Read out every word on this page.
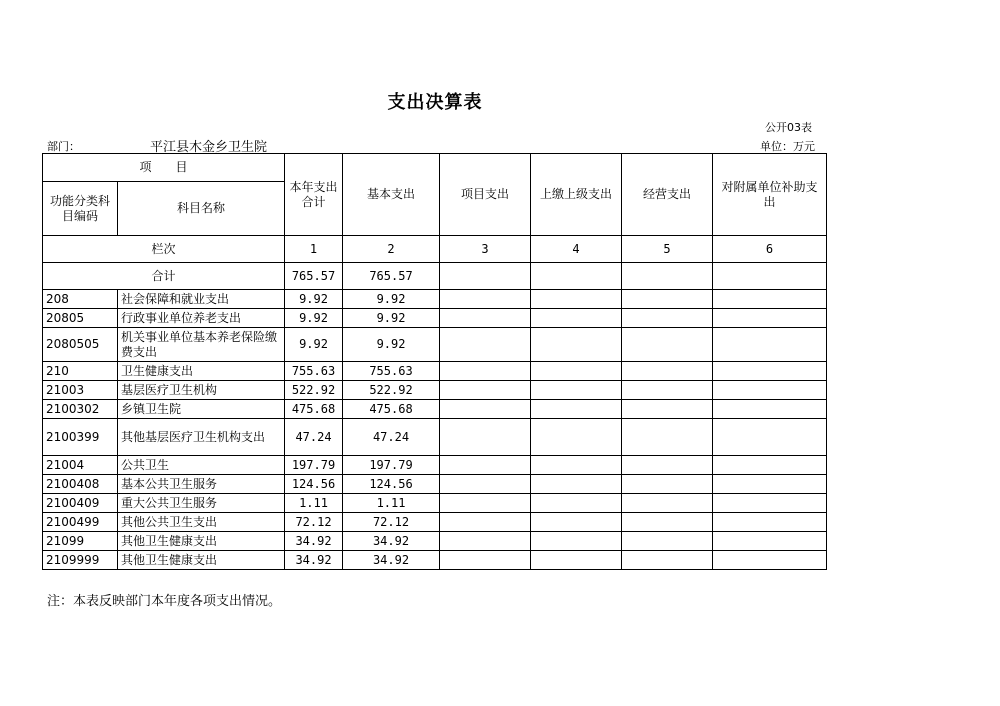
支出决算表
公开03表
部门：	平江县木金乡卫生院	单位：万元
项　　目		本年支出合计	基本支出	项目支出	上缴上级支出	经营支出	对附属单位补助支出
功能分类科目编码	科目名称						
栏次		1	2	3	4	5	6
合计		765.57	765.57				
208	社会保障和就业支出	9.92	9.92				
20805	行政事业单位养老支出	9.92	9.92				
2080505	机关事业单位基本养老保险缴费支出	9.92	9.92				
210	卫生健康支出	755.63	755.63				
21003	基层医疗卫生机构	522.92	522.92				
2100302	乡镇卫生院	475.68	475.68				
2100399	其他基层医疗卫生机构支出	47.24	47.24				
21004	公共卫生	197.79	197.79				
2100408	基本公共卫生服务	124.56	124.56				
2100409	重大公共卫生服务	1.11	1.11				
2100499	其他公共卫生支出	72.12	72.12				
21099	其他卫生健康支出	34.92	34.92				
2109999	其他卫生健康支出	34.92	34.92				
注：本表反映部门本年度各项支出情况。
